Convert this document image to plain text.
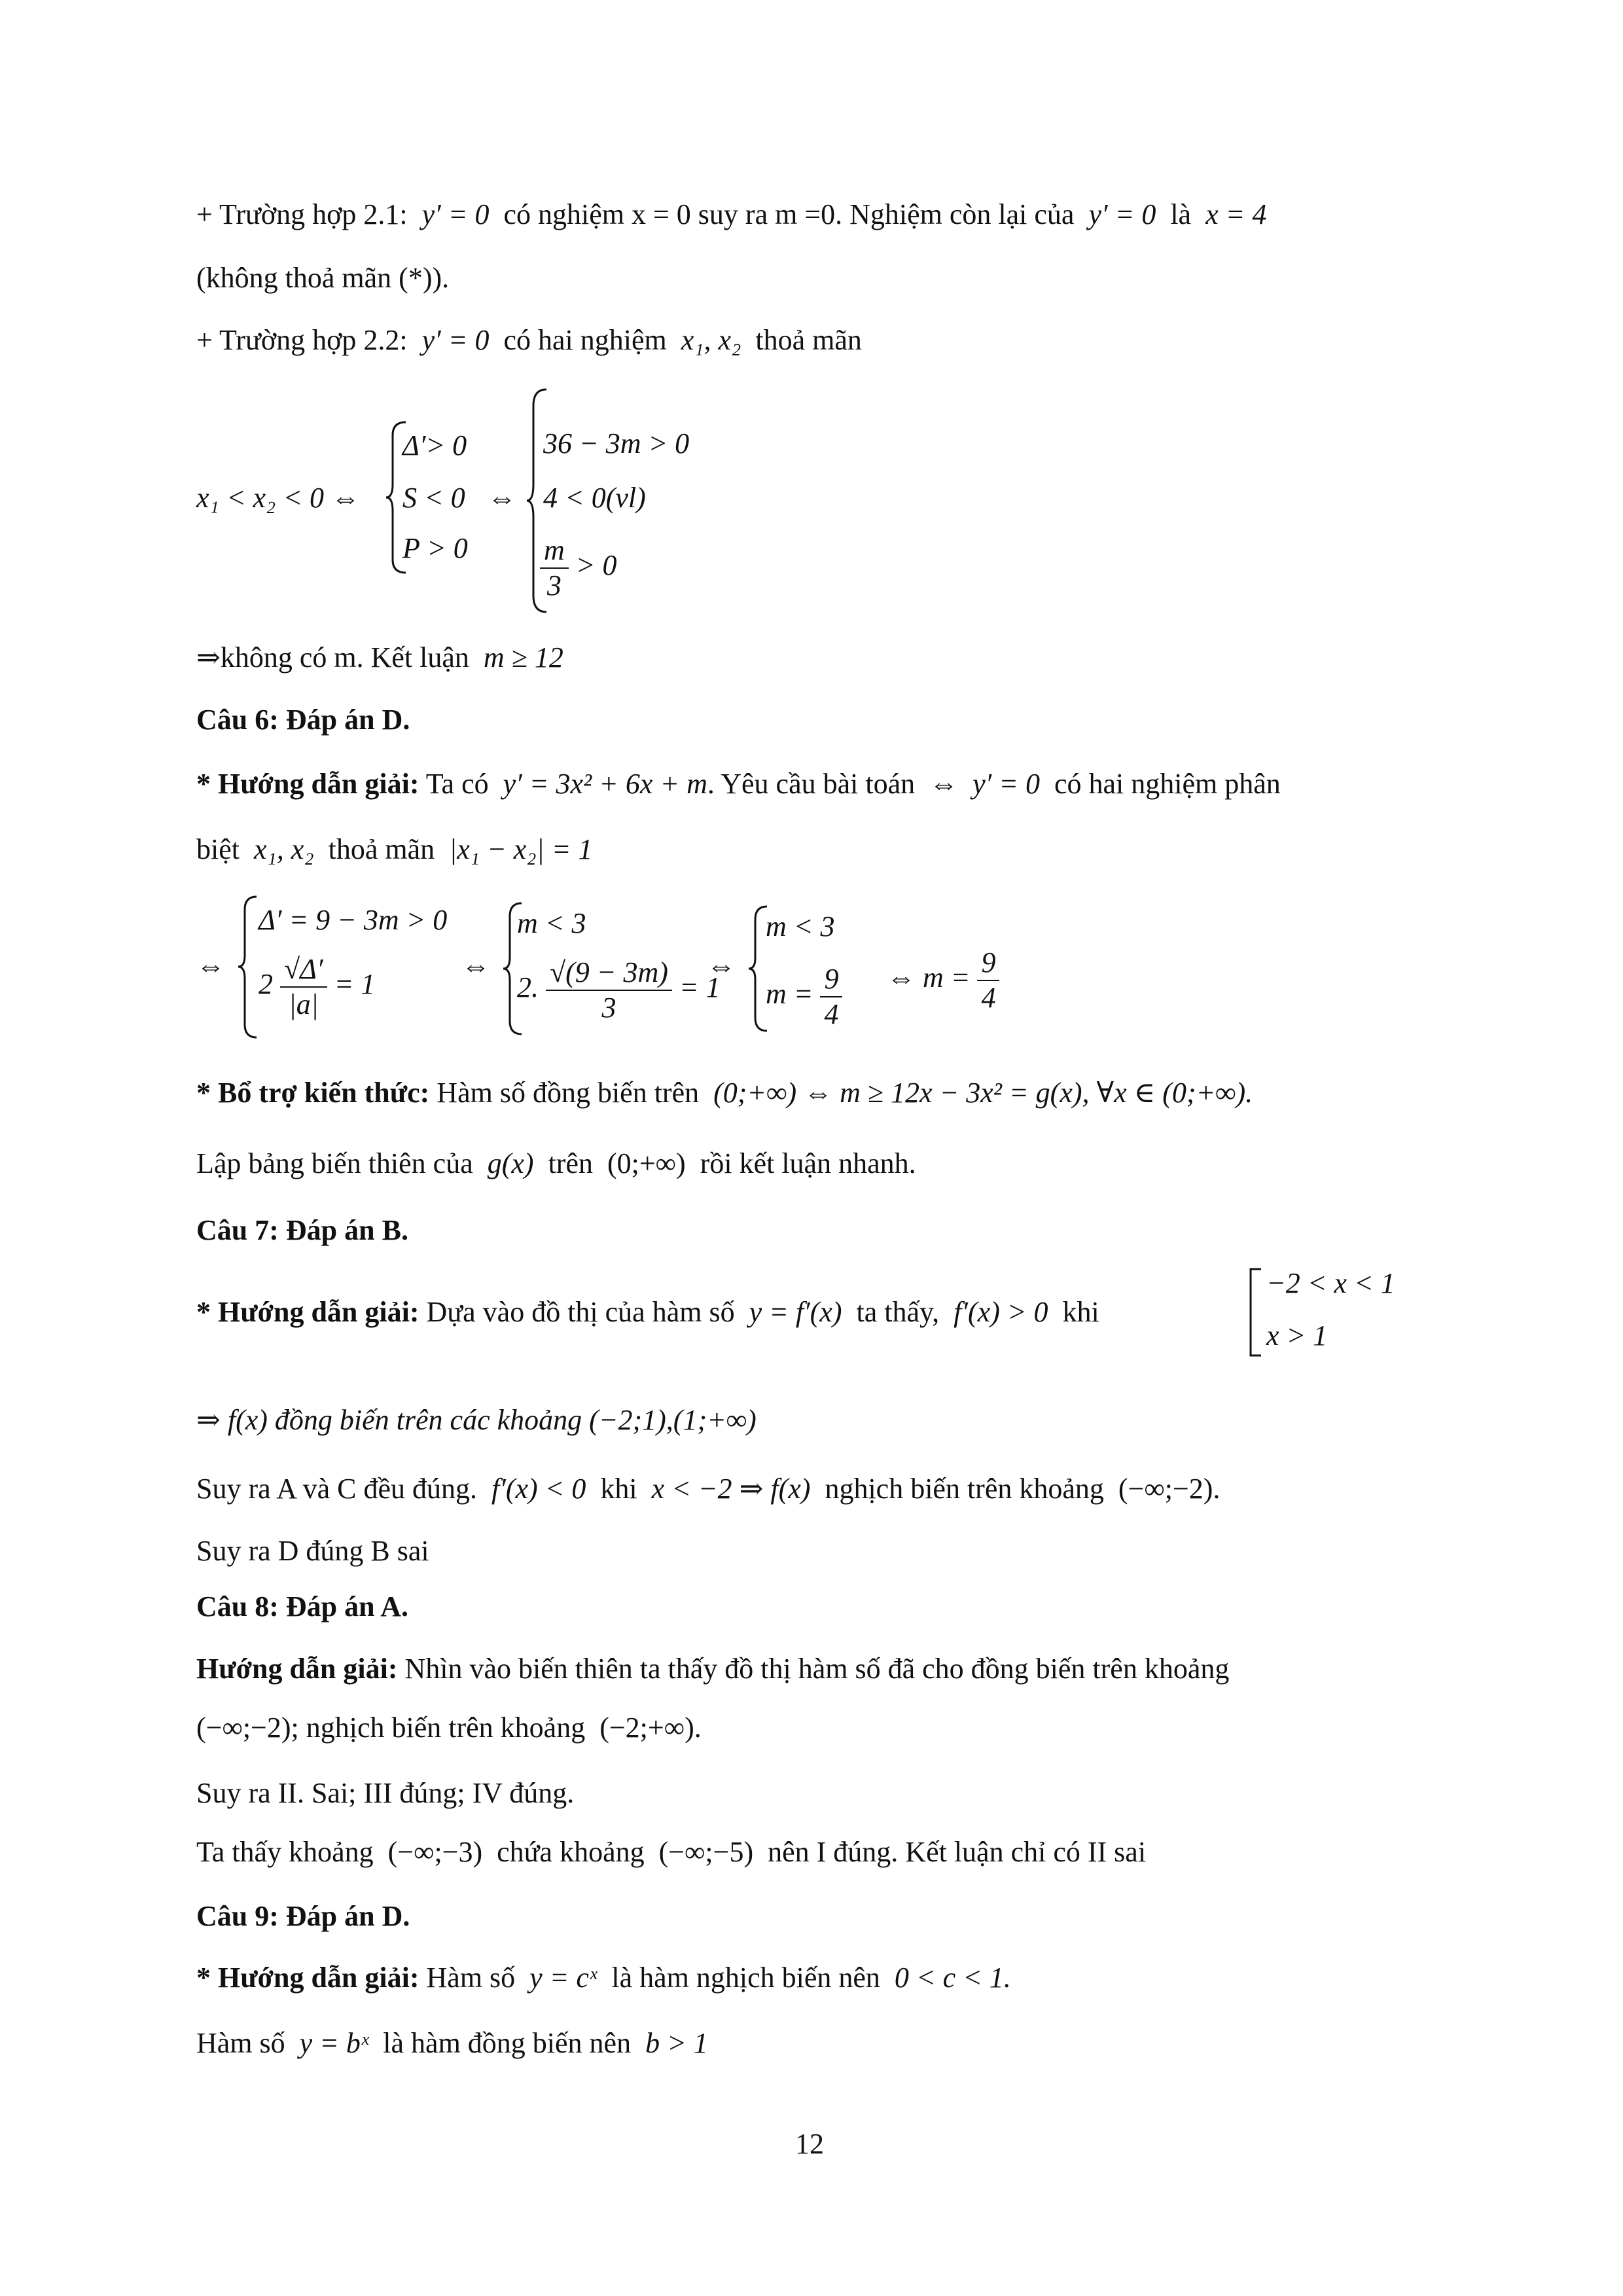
+ Trường hợp 2.1: y′ = 0 có nghiệm x = 0 suy ra m =0. Nghiệm còn lại của y′ = 0 là x = 4
(không thoả mãn (*)).
+ Trường hợp 2.2: y′ = 0 có hai nghiệm x₁, x₂ thoả mãn
x₁ < x₂ < 0 ⇔
Δ′> 0
S < 0
P > 0
⇔
36 − 3m > 0
4 < 0(vl)
$\frac{m}{3} > 0$
⇒không có m. Kết luận m ≥ 12
Câu 6: Đáp án D.
* Hướng dẫn giải: Ta có y′ = 3x² + 6x + m. Yêu cầu bài toán ⇔ y′ = 0 có hai nghiệm phân
biệt x₁, x₂ thoả mãn |x₁ − x₂| = 1
⇔
Δ′ = 9 − 3m > 0
$2 \frac{√\Delta'}{|a|} = 1$
⇔
m < 3
2. $\frac{√(9 - 3m)}{3} = 1$
⇔
m < 3
$m = \frac{9}{4}$ ⇔ $m = \frac{9}{4}$
* Bổ trợ kiến thức: Hàm số đồng biến trên (0;+∞) ⇔ m ≥ 12x − 3x² = g(x), ∀x ∈ (0;+∞).
Lập bảng biến thiên của g(x) trên (0;+∞) rồi kết luận nhanh.
Câu 7: Đáp án B.
* Hướng dẫn giải: Dựa vào đồ thị của hàm số y = f′(x) ta thấy, f′(x) > 0 khi
−2 < x < 1
x > 1
⇒ f(x) đồng biến trên các khoảng (−2;1),(1;+∞)
Suy ra A và C đều đúng. f′(x) < 0 khi x < −2 ⇒ f(x) nghịch biến trên khoảng (−∞;−2).
Suy ra D đúng B sai
Câu 8: Đáp án A.
Hướng dẫn giải: Nhìn vào biến thiên ta thấy đồ thị hàm số đã cho đồng biến trên khoảng
(−∞;−2); nghịch biến trên khoảng (−2;+∞).
Suy ra II. Sai; III đúng; IV đúng.
Ta thấy khoảng (−∞;−3) chứa khoảng (−∞;−5) nên I đúng. Kết luận chỉ có II sai
Câu 9: Đáp án D.
* Hướng dẫn giải: Hàm số y = cˣ là hàm nghịch biến nên 0 < c < 1.
Hàm số y = bˣ là hàm đồng biến nên b > 1
12
